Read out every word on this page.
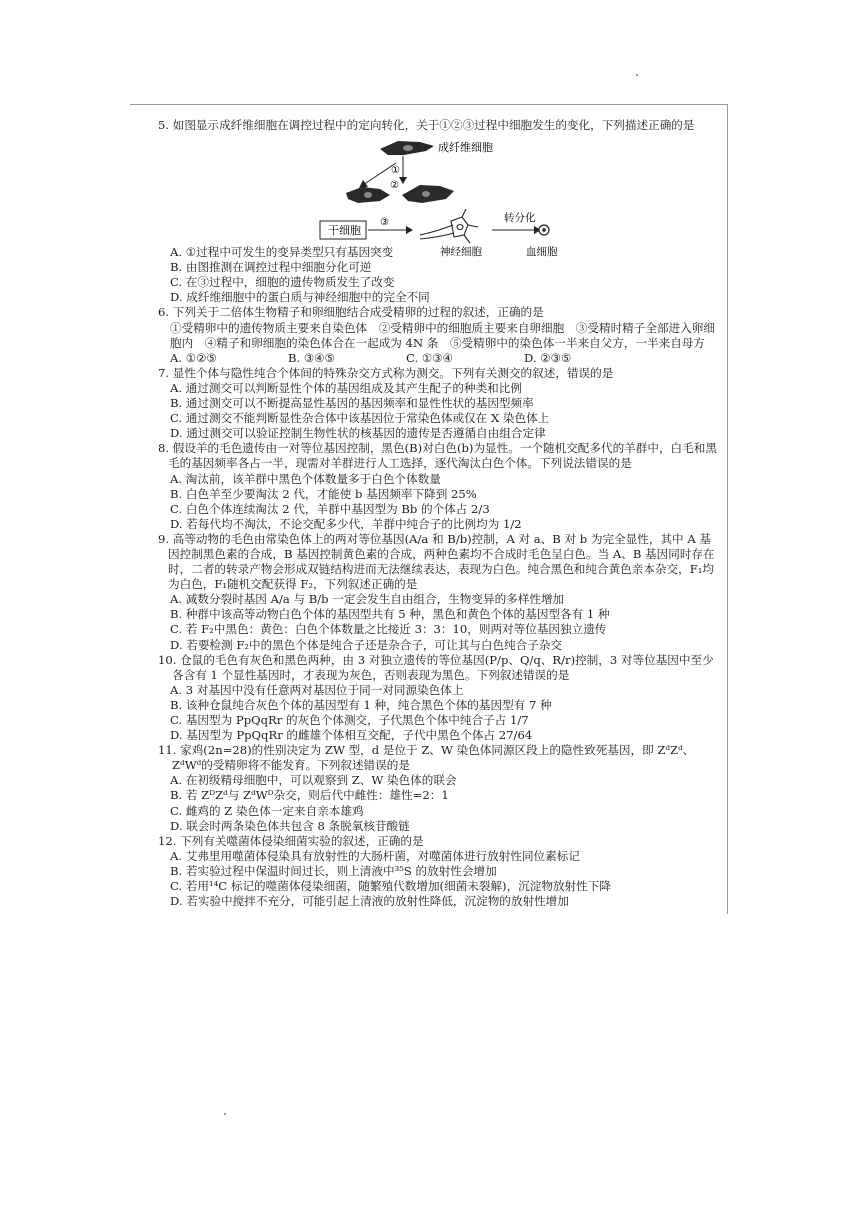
5. 如图显示成纤维细胞在调控过程中的定向转化，关于①②③过程中细胞发生的变化，下列描述正确的是
成纤维细胞
①
②
干细胞
③	转分化
神经细胞	血细胞

A. ①过程中可发生的变异类型只有基因突变

B. 由图推测在调控过程中细胞分化可逆

C. 在③过程中，细胞的遗传物质发生了改变

D. 成纤维细胞中的蛋白质与神经细胞中的完全不同

6. 下列关于二倍体生物精子和卵细胞结合成受精卵的过程的叙述，正确的是

①受精卵中的遗传物质主要来自染色体　②受精卵中的细胞质主要来自卵细胞　③受精时精子全部进入卵细胞内　④精子和卵细胞的染色体合在一起成为 4N 条　⑤受精卵中的染色体一半来自父方，一半来自母方

A. ①②⑤	B. ③④⑤	C. ①③④	D. ②③⑤
7. 显性个体与隐性纯合个体间的特殊杂交方式称为测交。下列有关测交的叙述，错误的是

A. 通过测交可以判断显性个体的基因组成及其产生配子的种类和比例

B. 通过测交可以不断提高显性基因的基因频率和显性性状的基因型频率

C. 通过测交不能判断显性杂合体中该基因位于常染色体或仅在 X 染色体上

D. 通过测交可以验证控制生物性状的核基因的遗传是否遵循自由组合定律

8. 假设羊的毛色遗传由一对等位基因控制，黑色(B)对白色(b)为显性。一个随机交配多代的羊群中，白毛和黑毛的基因频率各占一半，现需对羊群进行人工选择，逐代淘汰白色个体。下列说法错误的是

A. 淘汰前，该羊群中黑色个体数量多于白色个体数量

B. 白色羊至少要淘汰 2 代，才能使 b 基因频率下降到 25%

C. 白色个体连续淘汰 2 代，羊群中基因型为 Bb 的个体占 2/3

D. 若每代均不淘汰，不论交配多少代，羊群中纯合子的比例均为 1/2

9. 高等动物的毛色由常染色体上的两对等位基因(A/a 和 B/b)控制，A 对 a、B 对 b 为完全显性，其中 A 基因控制黑色素的合成，B 基因控制黄色素的合成，两种色素均不合成时毛色呈白色。当 A、B 基因同时存在时，二者的转录产物会形成双链结构进而无法继续表达，表现为白色。纯合黑色和纯合黄色亲本杂交，F₁均为白色，F₁随机交配获得 F₂，下列叙述正确的是

A. 减数分裂时基因 A/a 与 B/b 一定会发生自由组合，生物变异的多样性增加

B. 种群中该高等动物白色个体的基因型共有 5 种，黑色和黄色个体的基因型各有 1 种

C. 若 F₂中黑色：黄色：白色个体数量之比接近 3：3：10，则两对等位基因独立遗传

D. 若要检测 F₂中的黑色个体是纯合子还是杂合子，可让其与白色纯合子杂交

10. 仓鼠的毛色有灰色和黑色两种，由 3 对独立遗传的等位基因(P/p、Q/q、R/r)控制，3 对等位基因中至少各含有 1 个显性基因时，才表现为灰色，否则表现为黑色。下列叙述错误的是

A. 3 对基因中没有任意两对基因位于同一对同源染色体上

B. 该种仓鼠纯合灰色个体的基因型有 1 种，纯合黑色个体的基因型有 7 种

C. 基因型为 PpQqRr 的灰色个体测交，子代黑色个体中纯合子占 1/7

D. 基因型为 PpQqRr 的雌雄个体相互交配，子代中黑色个体占 27/64

11. 家鸡(2n=28)的性别决定为 ZW 型，d 是位于 Z、W 染色体同源区段上的隐性致死基因，即 ZᵈZᵈ、ZᵈWᵈ的受精卵将不能发育。下列叙述错误的是

A. 在初级精母细胞中，可以观察到 Z、W 染色体的联会

B. 若 ZᴰZᵈ与 ZᵈWᴰ杂交，则后代中雌性：雄性=2：1

C. 雌鸡的 Z 染色体一定来自亲本雄鸡

D. 联会时两条染色体共包含 8 条脱氧核苷酸链

12. 下列有关噬菌体侵染细菌实验的叙述，正确的是

A. 艾弗里用噬菌体侵染具有放射性的大肠杆菌，对噬菌体进行放射性同位素标记

B. 若实验过程中保温时间过长，则上清液中³⁵S 的放射性会增加

C. 若用¹⁴C 标记的噬菌体侵染细菌，随繁殖代数增加(细菌未裂解)，沉淀物放射性下降

D. 若实验中搅拌不充分，可能引起上清液的放射性降低，沉淀物的放射性增加
